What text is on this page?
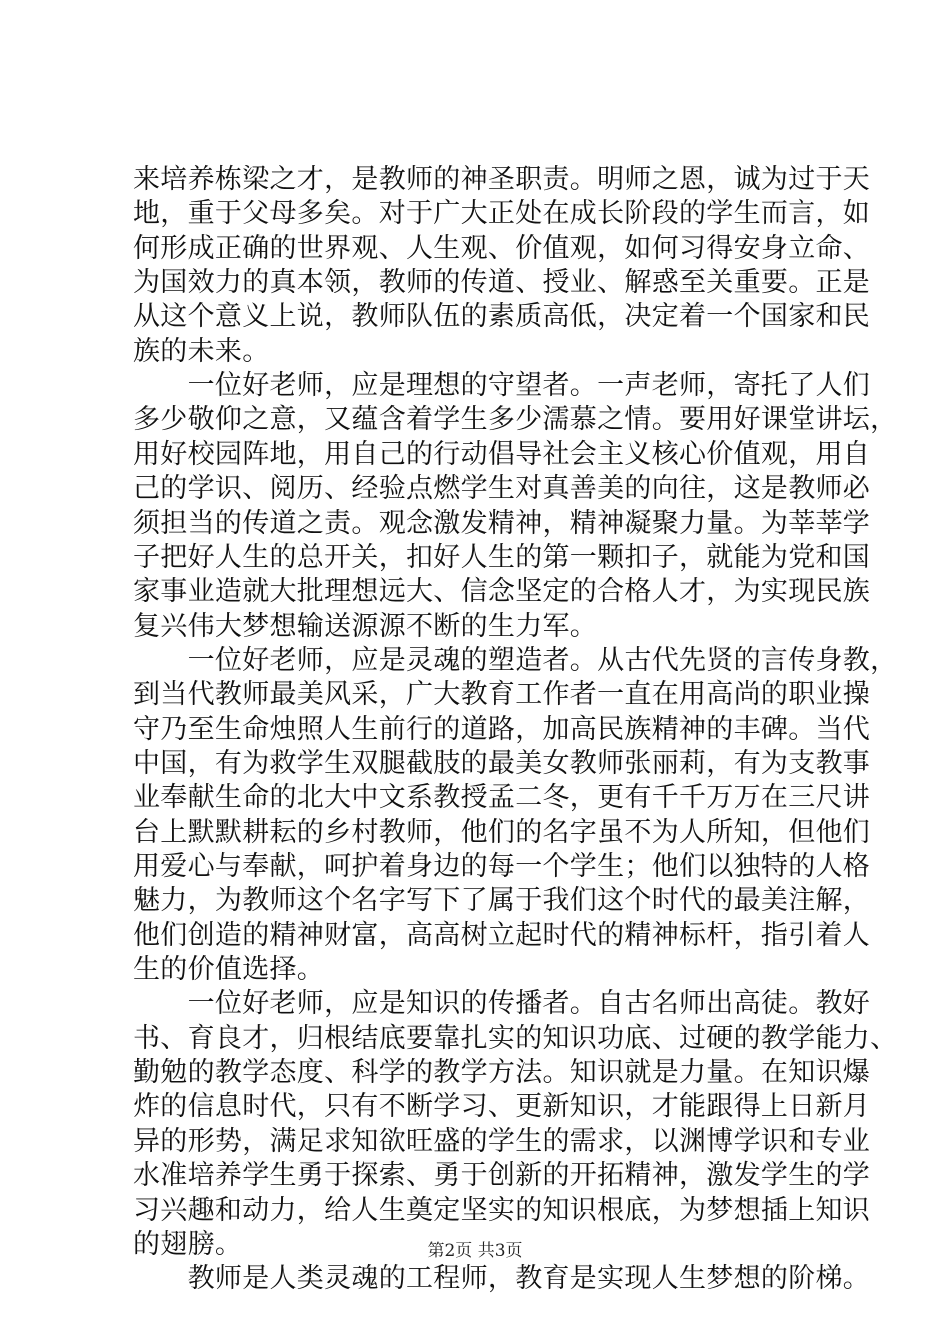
来培养栋梁之才，是教师的神圣职责。明师之恩，诚为过于天
地，重于父母多矣。对于广大正处在成长阶段的学生而言，如
何形成正确的世界观、人生观、价值观，如何习得安身立命、
为国效力的真本领，教师的传道、授业、解惑至关重要。正是
从这个意义上说，教师队伍的素质高低，决定着一个国家和民
族的未来。
　　一位好老师，应是理想的守望者。一声老师，寄托了人们
多少敬仰之意，又蕴含着学生多少濡慕之情。要用好课堂讲坛，
用好校园阵地，用自己的行动倡导社会主义核心价值观，用自
己的学识、阅历、经验点燃学生对真善美的向往，这是教师必
须担当的传道之责。观念激发精神，精神凝聚力量。为莘莘学
子把好人生的总开关，扣好人生的第一颗扣子，就能为党和国
家事业造就大批理想远大、信念坚定的合格人才，为实现民族
复兴伟大梦想输送源源不断的生力军。
　　一位好老师，应是灵魂的塑造者。从古代先贤的言传身教，
到当代教师最美风采，广大教育工作者一直在用高尚的职业操
守乃至生命烛照人生前行的道路，加高民族精神的丰碑。当代
中国，有为救学生双腿截肢的最美女教师张丽莉，有为支教事
业奉献生命的北大中文系教授孟二冬，更有千千万万在三尺讲
台上默默耕耘的乡村教师，他们的名字虽不为人所知，但他们
用爱心与奉献，呵护着身边的每一个学生；他们以独特的人格
魅力，为教师这个名字写下了属于我们这个时代的最美注解，
他们创造的精神财富，高高树立起时代的精神标杆，指引着人
生的价值选择。
　　一位好老师，应是知识的传播者。自古名师出高徒。教好
书、育良才，归根结底要靠扎实的知识功底、过硬的教学能力、
勤勉的教学态度、科学的教学方法。知识就是力量。在知识爆
炸的信息时代，只有不断学习、更新知识，才能跟得上日新月
异的形势，满足求知欲旺盛的学生的需求，以渊博学识和专业
水准培养学生勇于探索、勇于创新的开拓精神，激发学生的学
习兴趣和动力，给人生奠定坚实的知识根底，为梦想插上知识
的翅膀。
　　教师是人类灵魂的工程师，教育是实现人生梦想的阶梯。
第2页 共3页
